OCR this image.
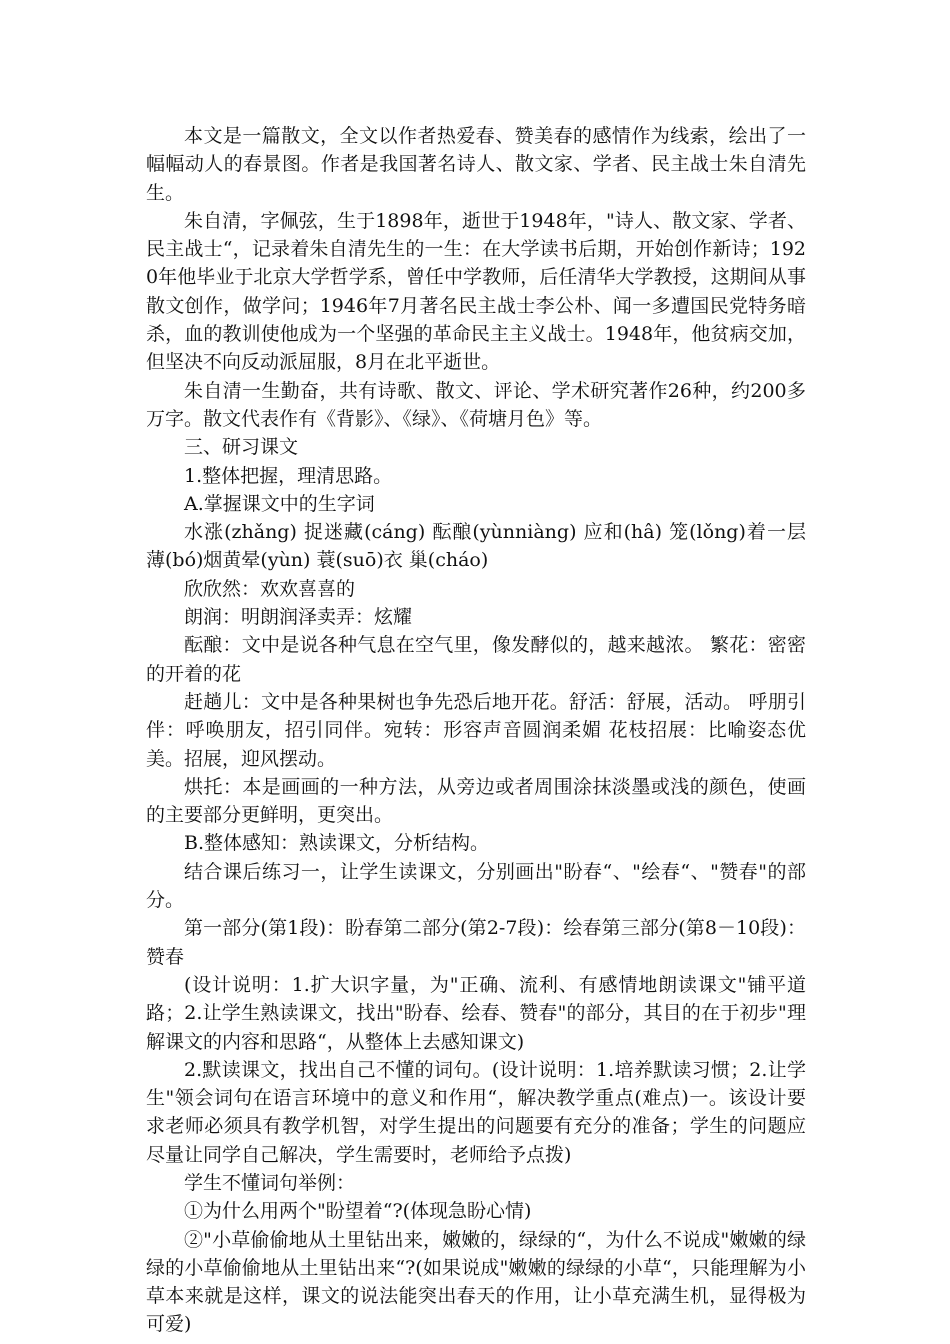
本文是一篇散文，全文以作者热爱春、赞美春的感情作为线索，绘出了一幅幅动人的春景图。作者是我国著名诗人、散文家、学者、民主战士朱自清先生。

朱自清，字佩弦，生于1898年，逝世于1948年，"诗人、散文家、学者、民主战士“，记录着朱自清先生的一生：在大学读书后期，开始创作新诗；1920年他毕业于北京大学哲学系，曾任中学教师，后任清华大学教授，这期间从事散文创作，做学问；1946年7月著名民主战士李公朴、闻一多遭国民党特务暗杀，血的教训使他成为一个坚强的革命民主主义战士。1948年，他贫病交加，但坚决不向反动派屈服，8月在北平逝世。

朱自清一生勤奋，共有诗歌、散文、评论、学术研究著作26种，约200多万字。散文代表作有《背影》、《绿》、《荷塘月色》等。

三、研习课文

1.整体把握，理清思路。

A.掌握课文中的生字词

水涨(zhǎng) 捉迷藏(cáng) 酝酿(yùnniàng) 应和(hâ) 笼(lǒng)着一层薄(bó)烟黄晕(yùn) 蓑(suō)衣 巢(cháo)

欣欣然：欢欢喜喜的

朗润：明朗润泽卖弄：炫耀

酝酿：文中是说各种气息在空气里，像发酵似的，越来越浓。 繁花：密密的开着的花

赶趟儿：文中是各种果树也争先恐后地开花。舒活：舒展，活动。 呼朋引伴：呼唤朋友，招引同伴。宛转：形容声音圆润柔媚 花枝招展：比喻姿态优美。招展，迎风摆动。

烘托：本是画画的一种方法，从旁边或者周围涂抹淡墨或浅的颜色，使画的主要部分更鲜明，更突出。

B.整体感知：熟读课文，分析结构。

结合课后练习一，让学生读课文，分别画出"盼春“、"绘春“、"赞春"的部分。

第一部分(第1段)：盼春第二部分(第2-7段)：绘春第三部分(第8－10段)：赞春

(设计说明：1.扩大识字量，为"正确、流利、有感情地朗读课文"铺平道路；2.让学生熟读课文，找出"盼春、绘春、赞春"的部分，其目的在于初步"理解课文的内容和思路“，从整体上去感知课文)

2.默读课文，找出自己不懂的词句。(设计说明：1.培养默读习惯；2.让学生"领会词句在语言环境中的意义和作用“，解决教学重点(难点)一。该设计要求老师必须具有教学机智，对学生提出的问题要有充分的准备；学生的问题应尽量让同学自己解决，学生需要时，老师给予点拨)

学生不懂词句举例：

①为什么用两个"盼望着“?(体现急盼心情)

②"小草偷偷地从土里钻出来，嫩嫩的，绿绿的“，为什么不说成"嫩嫩的绿绿的小草偷偷地从土里钻出来“?(如果说成"嫩嫩的绿绿的小草“，只能理解为小草本来就是这样，课文的说法能突出春天的作用，让小草充满生机，显得极为可爱)
